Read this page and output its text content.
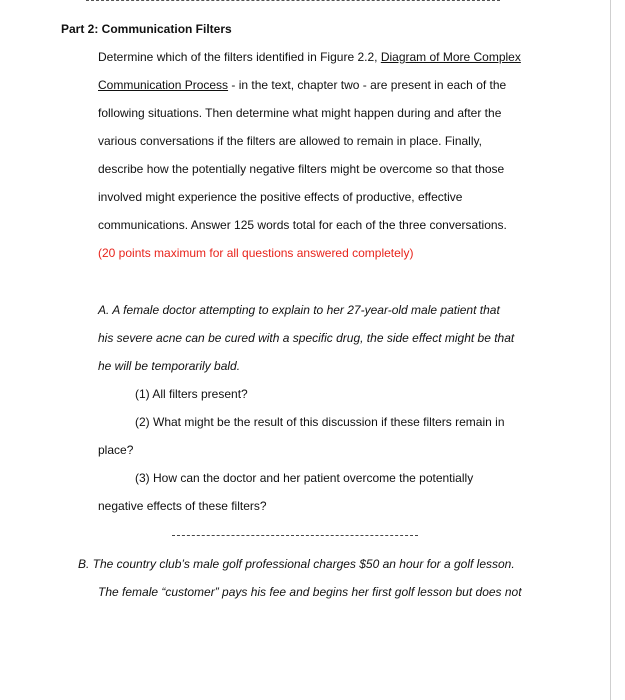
Part 2: Communication Filters
Determine which of the filters identified in Figure 2.2, Diagram of More Complex
Communication Process - in the text, chapter two - are present in each of the
following situations. Then determine what might happen during and after the
various conversations if the filters are allowed to remain in place. Finally,
describe how the potentially negative filters might be overcome so that those
involved might experience the positive effects of productive, effective
communications. Answer 125 words total for each of the three conversations.
(20 points maximum for all questions answered completely)
A. A female doctor attempting to explain to her 27-year-old male patient that
his severe acne can be cured with a specific drug, the side effect might be that
he will be temporarily bald.
(1) All filters present?
(2) What might be the result of this discussion if these filters remain in
place?
(3) How can the doctor and her patient overcome the potentially
negative effects of these filters?
B. The country club’s male golf professional charges $50 an hour for a golf lesson.
The female “customer” pays his fee and begins her first golf lesson but does not
